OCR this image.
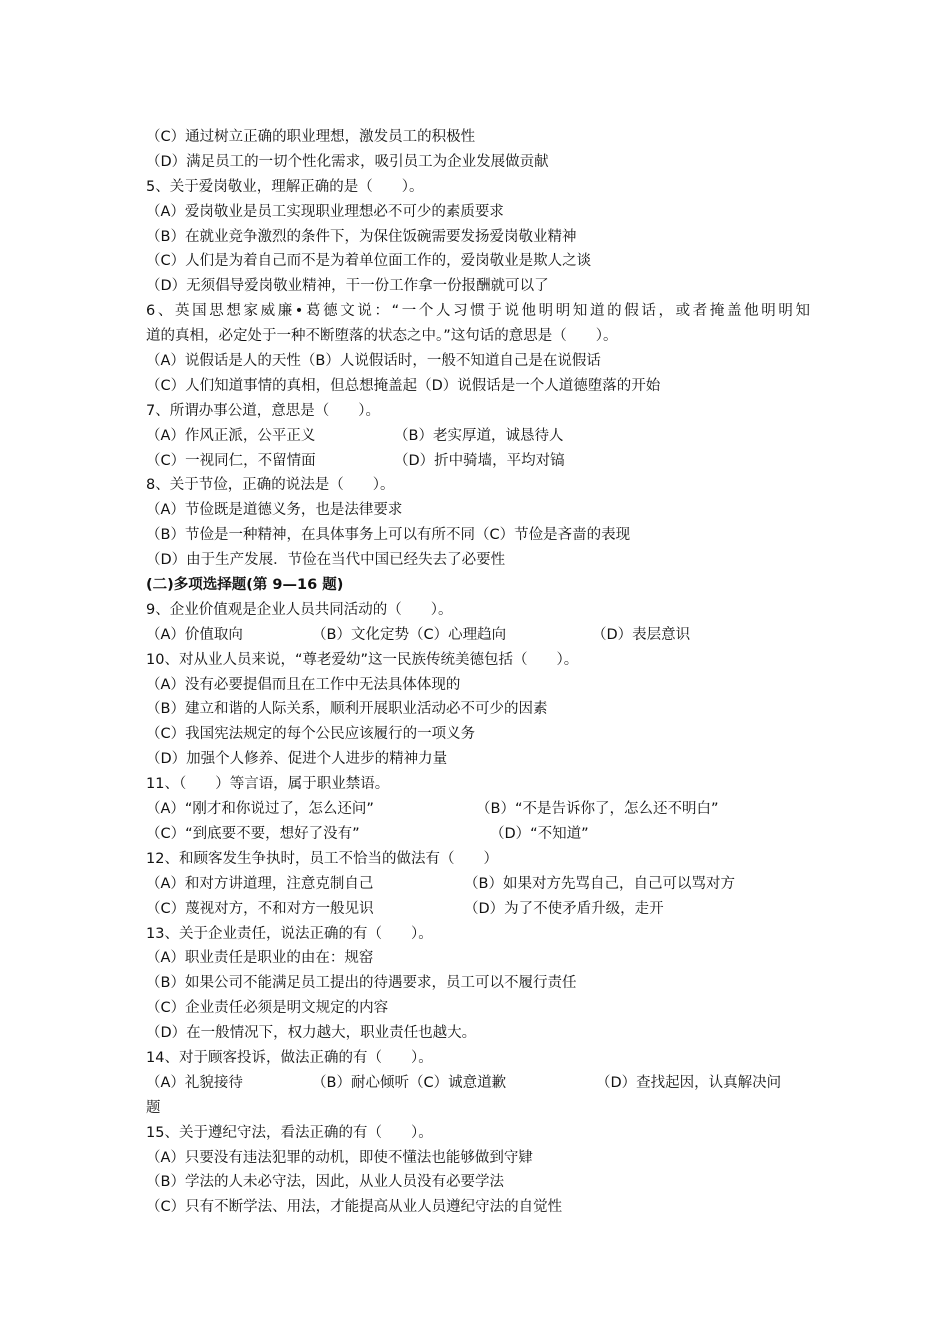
（C）通过树立正确的职业理想，激发员工的积极性
（D）满足员工的一切个性化需求，吸引员工为企业发展做贡献
5、关于爱岗敬业，理解正确的是（　　）。
（A）爱岗敬业是员工实现职业理想必不可少的素质要求
（B）在就业竞争激烈的条件下，为保住饭碗需要发扬爱岗敬业精神
（C）人们是为着自己而不是为着单位面工作的，爱岗敬业是欺人之谈
（D）无须倡导爱岗敬业精神，干一份工作拿一份报酬就可以了
6、英国思想家威廉•葛德文说：“一个人习惯于说他明明知道的假话，或者掩盖他明明知
道的真相，必定处于一种不断堕落的状态之中。”这句话的意思是（　　）。
（A）说假话是人的天性（B）人说假话时，一般不知道自己是在说假话
（C）人们知道事情的真相，但总想掩盖起（D）说假话是一个人道德堕落的开始
7、所谓办事公道，意思是（　　）。
（A）作风正派，公平正义	（B）老实厚道，诚恳待人
（C）一视同仁，不留情面	（D）折中骑墙，平均对镐
8、关于节俭，正确的说法是（　　）。
（A）节俭既是道德义务，也是法律要求
（B）节俭是一种精神，在具体事务上可以有所不同（C）节俭是吝啬的表现
（D）由于生产发展．节俭在当代中国已经失去了必要性
(二)多项选择题(第 9—16 题)
9、企业价值观是企业人员共同活动的（　　）。
（A）价值取向	（B）文化定势（C）心理趋向	（D）表层意识
10、对从业人员来说，“尊老爱幼”这一民族传统美德包括（　　）。
（A）没有必要提倡而且在工作中无法具体体现的
（B）建立和谐的人际关系，顺利开展职业活动必不可少的因素
（C）我国宪法规定的每个公民应该履行的一项义务
（D）加强个人修养、促进个人进步的精神力量
11、（　　）等言语，属于职业禁语。
（A）“刚才和你说过了，怎么还问”	（B）“不是告诉你了，怎么还不明白”
（C）“到底要不要，想好了没有”	（D）“不知道”
12、和顾客发生争执时，员工不恰当的做法有（　　）
（A）和对方讲道理，注意克制自己	（B）如果对方先骂自己，自己可以骂对方
（C）蔑视对方，不和对方一般见识	（D）为了不使矛盾升级，走开
13、关于企业责任，说法正确的有（　　）。
（A）职业责任是职业的由在：规窑
（B）如果公司不能满足员工提出的待遇要求，员工可以不履行责任
（C）企业责任必须是明文规定的内容
（D）在一般情况下，权力越大，职业责任也越大。
14、对于顾客投诉，做法正确的有（　　）。
（A）礼貌接待	（B）耐心倾听（C）诚意道歉	（D）查找起因，认真解决问
题
15、关于遵纪守法，看法正确的有（　　）。
（A）只要没有违法犯罪的动机，即使不懂法也能够做到守肄
（B）学法的人未必守法，因此，从业人员没有必要学法
（C）只有不断学法、用法，才能提高从业人员遵纪守法的自觉性
